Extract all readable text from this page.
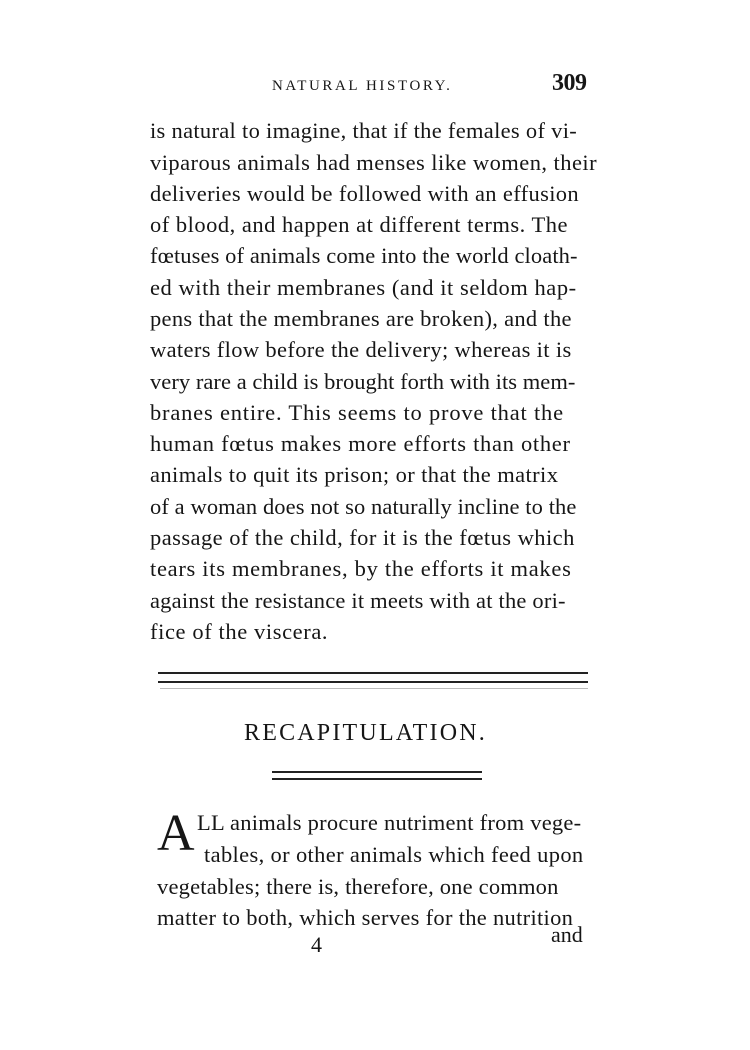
NATURAL HISTORY.	309
is natural to imagine, that if the females of vi-
viparous animals had menses like women, their
deliveries would be followed with an effusion
of blood, and happen at different terms. The
fœtuses of animals come into the world cloath-
ed with their membranes (and it seldom hap-
pens that the membranes are broken), and the
waters flow before the delivery; whereas it is
very rare a child is brought forth with its mem-
branes entire. This seems to prove that the
human fœtus makes more efforts than other
animals to quit its prison; or that the matrix
of a woman does not so naturally incline to the
passage of the child, for it is the fœtus which
tears its membranes, by the efforts it makes
against the resistance it meets with at the ori-
fice of the viscera.
RECAPITULATION.
A LL animals procure nutriment from vege-
tables, or other animals which feed upon
vegetables; there is, therefore, one common
matter to both, which serves for the nutrition
4	and
